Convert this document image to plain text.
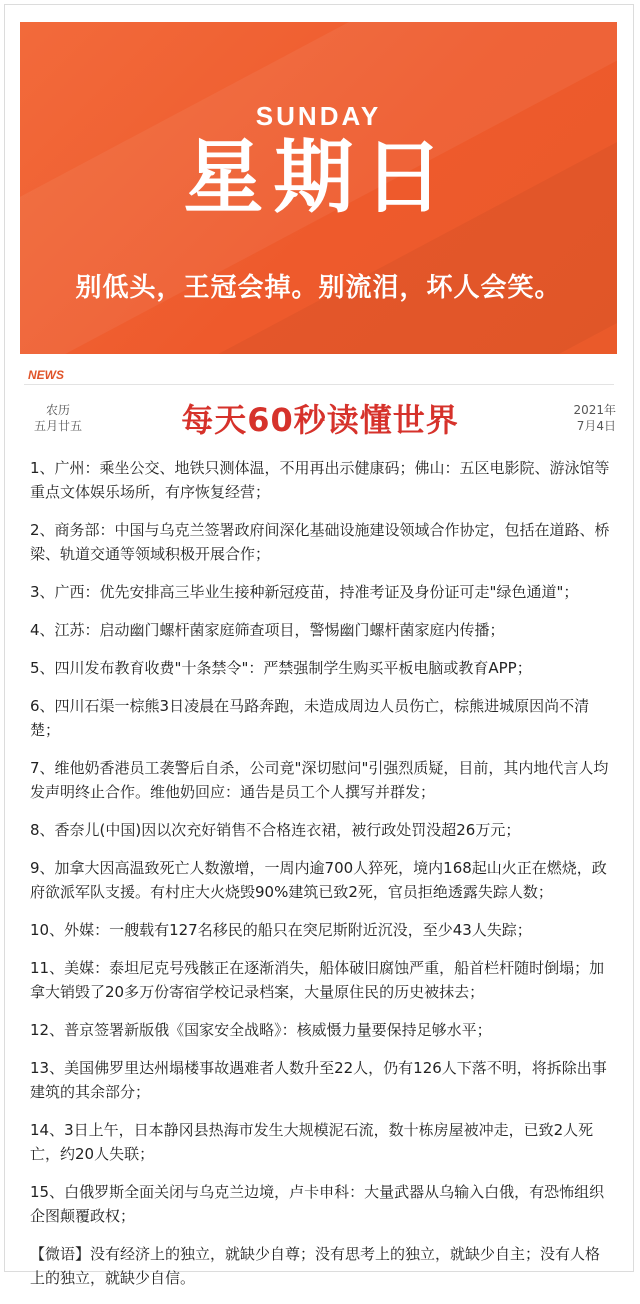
SUNDAY
星期日
别低头，王冠会掉。别流泪，坏人会笑。
NEWS
农历
五月廿五	每天60秒读懂世界	2021年
7月4日

1、广州：乘坐公交、地铁只测体温，不用再出示健康码；佛山：五区电影院、游泳馆等重点文体娱乐场所，有序恢复经营；

2、商务部：中国与乌克兰签署政府间深化基础设施建设领域合作协定，包括在道路、桥梁、轨道交通等领域积极开展合作；

3、广西：优先安排高三毕业生接种新冠疫苗，持准考证及身份证可走"绿色通道"；

4、江苏：启动幽门螺杆菌家庭筛查项目，警惕幽门螺杆菌家庭内传播；

5、四川发布教育收费"十条禁令"：严禁强制学生购买平板电脑或教育APP；

6、四川石渠一棕熊3日凌晨在马路奔跑，未造成周边人员伤亡，棕熊进城原因尚不清楚；

7、维他奶香港员工袭警后自杀，公司竟"深切慰问"引强烈质疑，目前，其内地代言人均发声明终止合作。维他奶回应：通告是员工个人撰写并群发；

8、香奈儿(中国)因以次充好销售不合格连衣裙，被行政处罚没超26万元；

9、加拿大因高温致死亡人数激增，一周内逾700人猝死，境内168起山火正在燃烧，政府欲派军队支援。有村庄大火烧毁90%建筑已致2死，官员拒绝透露失踪人数；

10、外媒：一艘载有127名移民的船只在突尼斯附近沉没，至少43人失踪；

11、美媒：泰坦尼克号残骸正在逐渐消失，船体破旧腐蚀严重，船首栏杆随时倒塌；加拿大销毁了20多万份寄宿学校记录档案，大量原住民的历史被抹去；

12、普京签署新版俄《国家安全战略》：核威慑力量要保持足够水平；

13、美国佛罗里达州塌楼事故遇难者人数升至22人，仍有126人下落不明，将拆除出事建筑的其余部分；

14、3日上午，日本静冈县热海市发生大规模泥石流，数十栋房屋被冲走，已致2人死亡，约20人失联；

15、白俄罗斯全面关闭与乌克兰边境，卢卡申科：大量武器从乌输入白俄，有恐怖组织企图颠覆政权；

【微语】没有经济上的独立，就缺少自尊；没有思考上的独立，就缺少自主；没有人格上的独立，就缺少自信。
